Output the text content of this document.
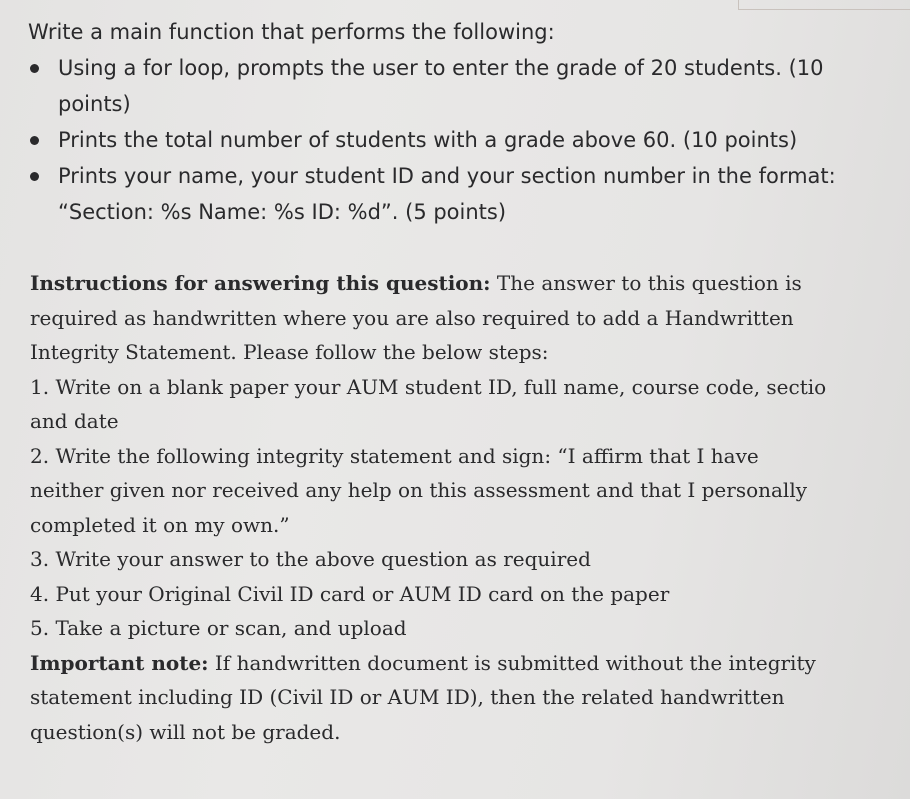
Write a main function that performs the following:
Using a for loop, prompts the user to enter the grade of 20 students. (10
points)
Prints the total number of students with a grade above 60. (10 points)
Prints your name, your student ID and your section number in the format:
“Section: %s Name: %s ID: %d”. (5 points)

Instructions for answering this question: The answer to this question is

required as handwritten where you are also required to add a Handwritten

Integrity Statement. Please follow the below steps:

1. Write on a blank paper your AUM student ID, full name, course code, sectio

and date

2. Write the following integrity statement and sign: “I affirm that I have

neither given nor received any help on this assessment and that I personally

completed it on my own.”

3. Write your answer to the above question as required

4. Put your Original Civil ID card or AUM ID card on the paper

5. Take a picture or scan, and upload

Important note: If handwritten document is submitted without the integrity

statement including ID (Civil ID or AUM ID), then the related handwritten

question(s) will not be graded.
